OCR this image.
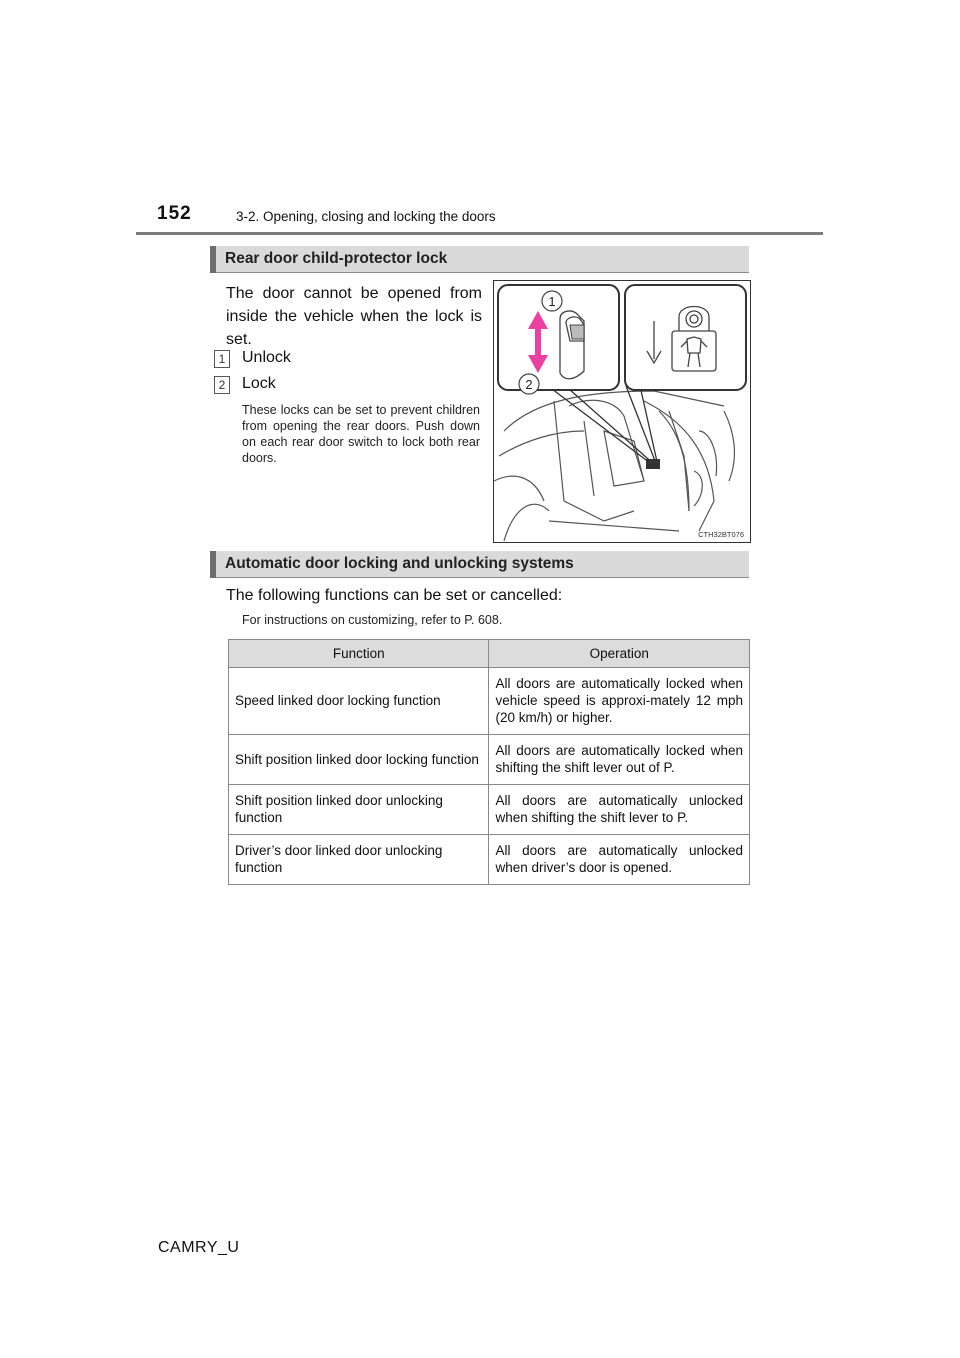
152	3-2. Opening, closing and locking the doors
Rear door child-protector lock
The door cannot be opened from inside the vehicle when the lock is set.
1 Unlock
2 Lock
These locks can be set to prevent children from opening the rear doors. Push down on each rear door switch to lock both rear doors.
1
2
CTH32BT076
Automatic door locking and unlocking systems
The following functions can be set or cancelled:
For instructions on customizing, refer to P. 608.
Function	Operation
Speed linked door locking function	All doors are automatically locked when vehicle speed is approxi-mately 12 mph (20 km/h) or higher.
Shift position linked door locking function	All doors are automatically locked when shifting the shift lever out of P.
Shift position linked door unlocking function	All doors are automatically unlocked when shifting the shift lever to P.
Driver’s door linked door unlocking function	All doors are automatically unlocked when driver’s door is opened.
CAMRY_U
